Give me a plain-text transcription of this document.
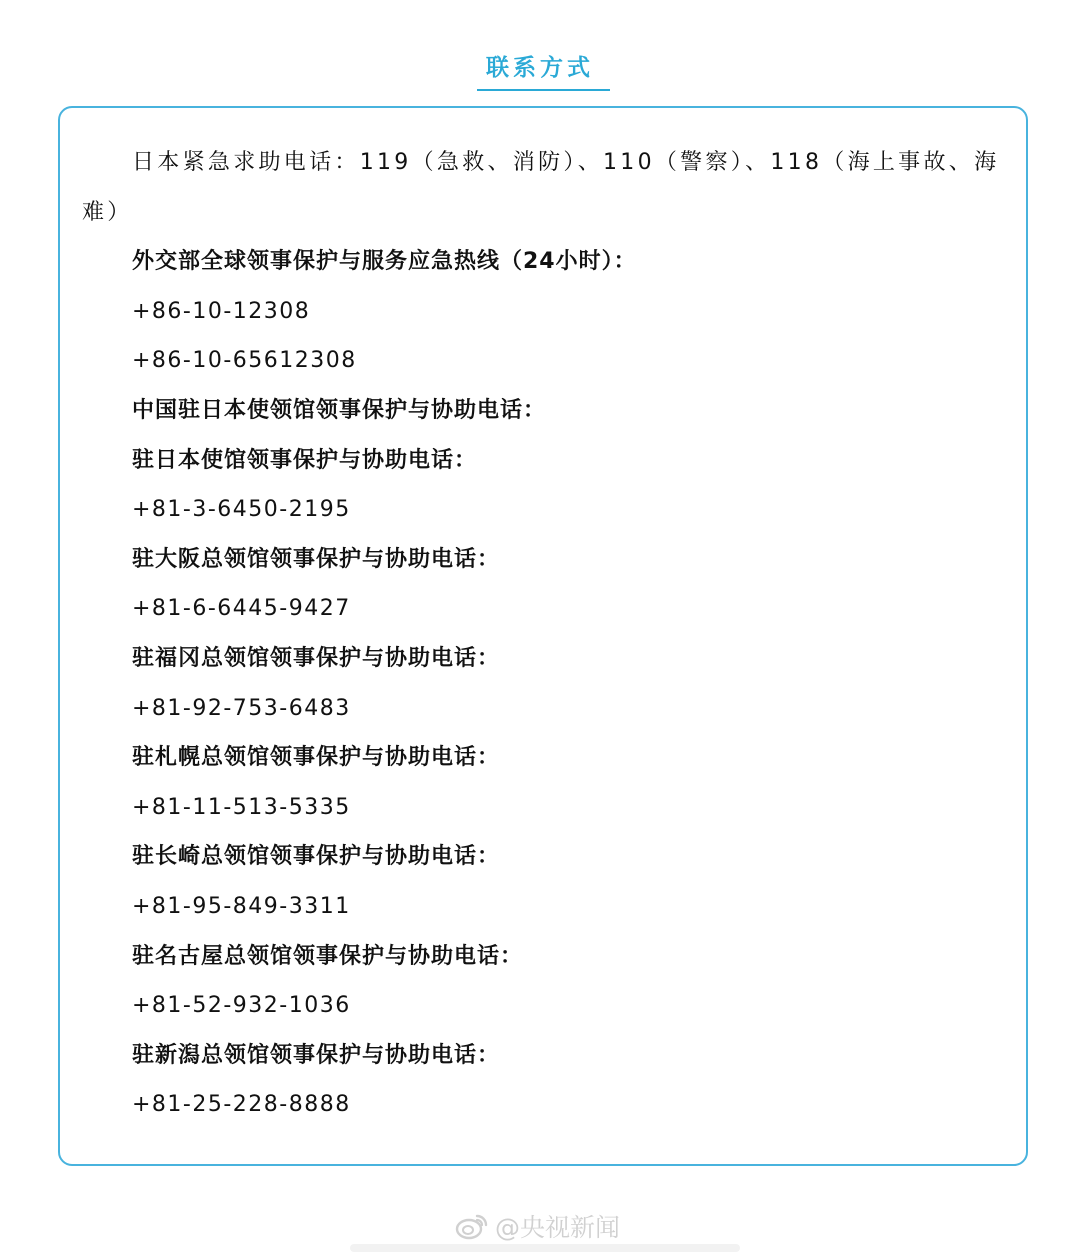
联系方式
日本紧急求助电话：119（急救、消防）、110（警察）、118（海上事故、海难）
外交部全球领事保护与服务应急热线（24小时）：
+86-10-12308
+86-10-65612308
中国驻日本使领馆领事保护与协助电话：
驻日本使馆领事保护与协助电话：
+81-3-6450-2195
驻大阪总领馆领事保护与协助电话：
+81-6-6445-9427
驻福冈总领馆领事保护与协助电话：
+81-92-753-6483
驻札幌总领馆领事保护与协助电话：
+81-11-513-5335
驻长崎总领馆领事保护与协助电话：
+81-95-849-3311
驻名古屋总领馆领事保护与协助电话：
+81-52-932-1036
驻新潟总领馆领事保护与协助电话：
+81-25-228-8888
@央视新闻
